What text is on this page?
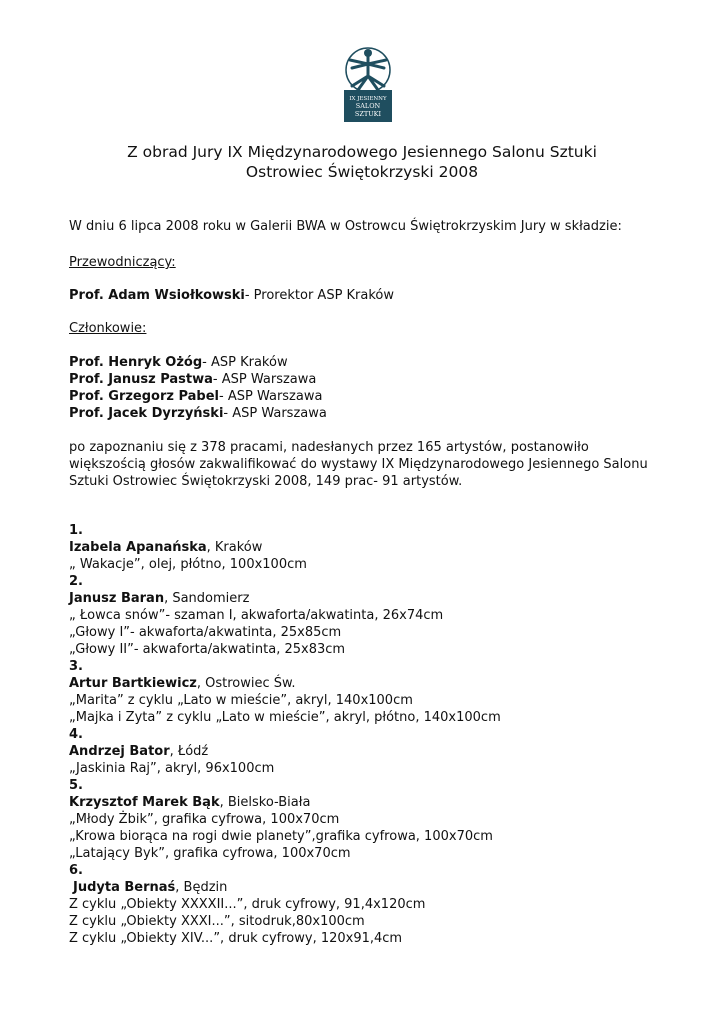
IX JESIENNY
SALON
SZTUKI
Z obrad Jury IX Międzynarodowego Jesiennego Salonu Sztuki
Ostrowiec Świętokrzyski 2008
W dniu 6 lipca 2008 roku w Galerii BWA w Ostrowcu Świętrokrzyskim Jury w składzie:
Przewodniczący:
Prof. Adam Wsiołkowski- Prorektor ASP Kraków
Członkowie:
Prof. Henryk Ożóg- ASP Kraków
Prof. Janusz Pastwa- ASP Warszawa
Prof. Grzegorz Pabel- ASP Warszawa
Prof. Jacek Dyrzyński- ASP Warszawa
po zapoznaniu się z 378 pracami, nadesłanych przez 165 artystów, postanowiło
większością głosów zakwalifikować do wystawy IX Międzynarodowego Jesiennego Salonu
Sztuki Ostrowiec Świętokrzyski 2008, 149 prac- 91 artystów.
1.
Izabela Apanańska, Kraków
„ Wakacje”, olej, płótno, 100x100cm
2.
Janusz Baran, Sandomierz
„ Łowca snów”- szaman I, akwaforta/akwatinta, 26x74cm
„Głowy I”- akwaforta/akwatinta, 25x85cm
„Głowy II”- akwaforta/akwatinta, 25x83cm
3.
Artur Bartkiewicz, Ostrowiec Św.
„Marita” z cyklu „Lato w mieście”, akryl, 140x100cm
„Majka i Zyta” z cyklu „Lato w mieście”, akryl, płótno, 140x100cm
4.
Andrzej Bator, Łódź
„Jaskinia Raj”, akryl, 96x100cm
5.
Krzysztof Marek Bąk, Bielsko-Biała
„Młody Żbik”, grafika cyfrowa, 100x70cm
„Krowa biorąca na rogi dwie planety”,grafika cyfrowa, 100x70cm
„Latający Byk”, grafika cyfrowa, 100x70cm
6.
Judyta Bernaś, Będzin
Z cyklu „Obiekty XXXXII...”, druk cyfrowy, 91,4x120cm
Z cyklu „Obiekty XXXI...”, sitodruk,80x100cm
Z cyklu „Obiekty XIV...”, druk cyfrowy, 120x91,4cm
